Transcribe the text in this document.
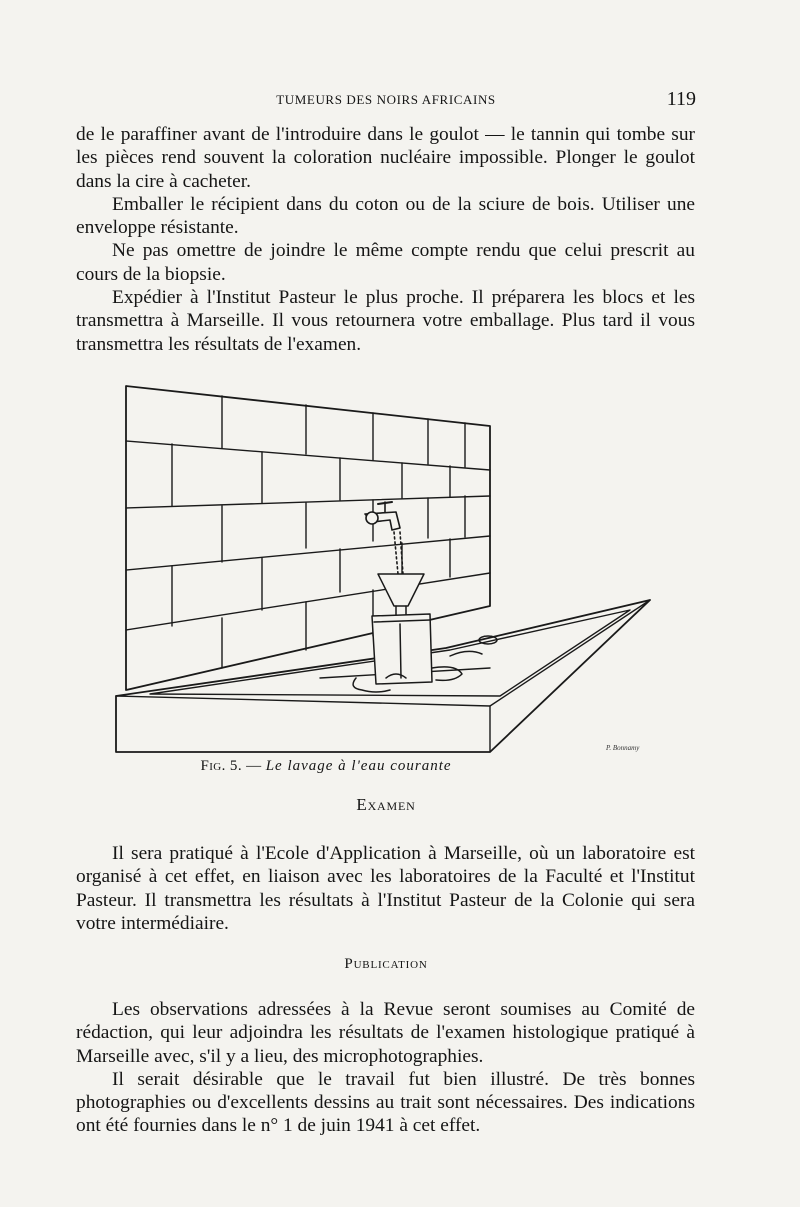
TUMEURS DES NOIRS AFRICAINS	119

de le paraffiner avant de l'introduire dans le goulot — le tannin qui tombe sur les pièces rend souvent la coloration nucléaire impossible. Plonger le goulot dans la cire à cacheter.

Emballer le récipient dans du coton ou de la sciure de bois. Utiliser une enveloppe résistante.

Ne pas omettre de joindre le même compte rendu que celui prescrit au cours de la biopsie.

Expédier à l'Institut Pasteur le plus proche. Il préparera les blocs et les transmettra à Marseille. Il vous retournera votre emballage. Plus tard il vous transmettra les résultats de l'examen.

P. Bonnamy
Fig. 5. — Le lavage à l'eau courante
Examen

Il sera pratiqué à l'Ecole d'Application à Marseille, où un laboratoire est organisé à cet effet, en liaison avec les laboratoires de la Faculté et l'Institut Pasteur. Il transmettra les résultats à l'Institut Pasteur de la Colonie qui sera votre intermédiaire.

Publication

Les observations adressées à la Revue seront soumises au Comité de rédaction, qui leur adjoindra les résultats de l'examen histologique pratiqué à Marseille avec, s'il y a lieu, des microphotographies.

Il serait désirable que le travail fut bien illustré. De très bonnes photographies ou d'excellents dessins au trait sont nécessaires. Des indications ont été fournies dans le n° 1 de juin 1941 à cet effet.
